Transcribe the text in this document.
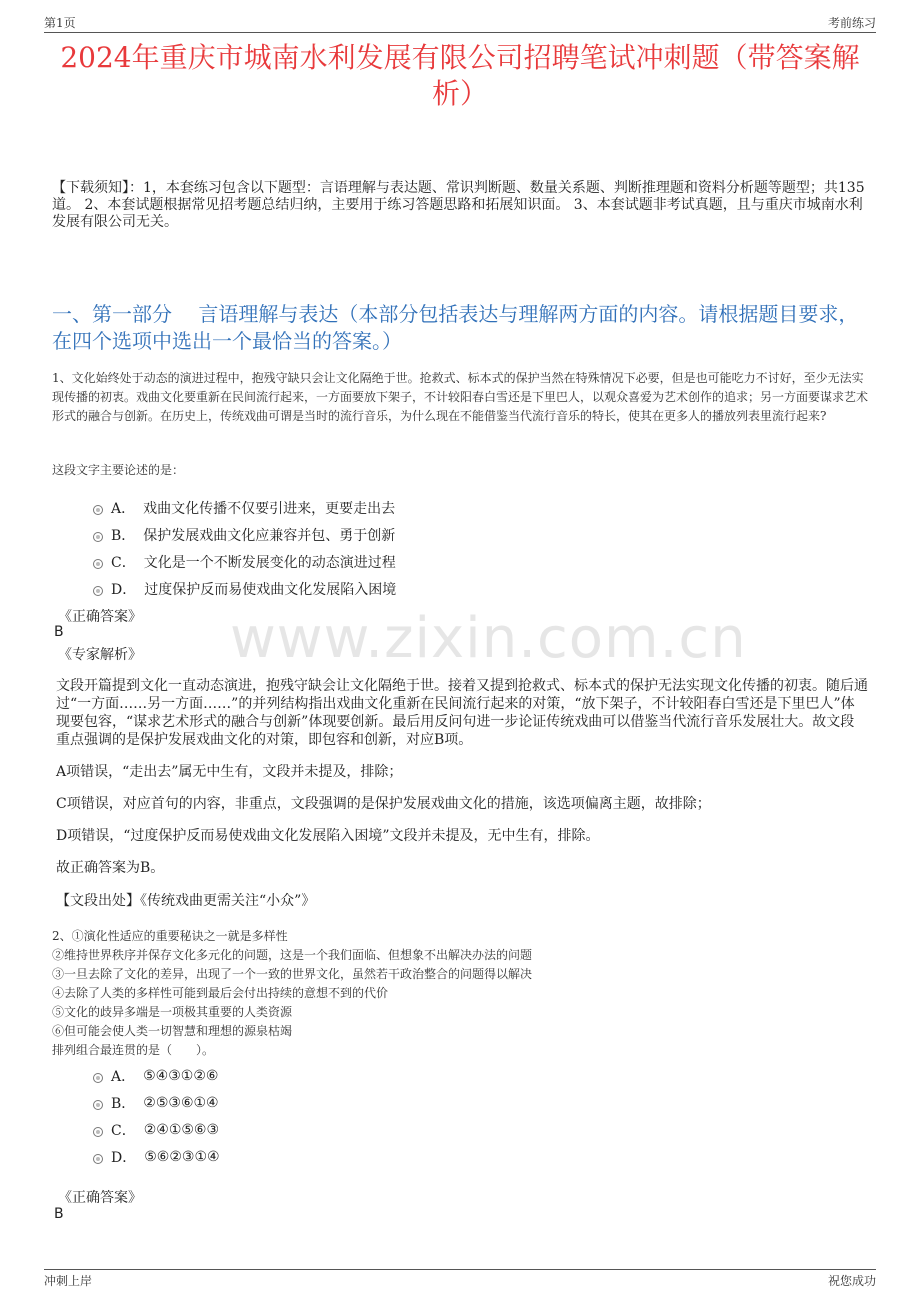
第1页	考前练习
2024年重庆市城南水利发展有限公司招聘笔试冲刺题（带答案解析）
【下载须知】：1，本套练习包含以下题型：言语理解与表达题、常识判断题、数量关系题、判断推理题和资料分析题等题型；共135道。 2、本套试题根据常见招考题总结归纳，主要用于练习答题思路和拓展知识面。 3、本套试题非考试真题，且与重庆市城南水利发展有限公司无关。
一、第一部分　 言语理解与表达（本部分包括表达与理解两方面的内容。请根据题目要求，在四个选项中选出一个最恰当的答案。）
1、文化始终处于动态的演进过程中，抱残守缺只会让文化隔绝于世。抢救式、标本式的保护当然在特殊情况下必要，但是也可能吃力不讨好，至少无法实现传播的初衷。戏曲文化要重新在民间流行起来，一方面要放下架子，不计较阳春白雪还是下里巴人，以观众喜爱为艺术创作的追求；另一方面要谋求艺术形式的融合与创新。在历史上，传统戏曲可谓是当时的流行音乐，为什么现在不能借鉴当代流行音乐的特长，使其在更多人的播放列表里流行起来?
这段文字主要论述的是：
A． 戏曲文化传播不仅要引进来，更要走出去
B． 保护发展戏曲文化应兼容并包、勇于创新
C． 文化是一个不断发展变化的动态演进过程
D． 过度保护反而易使戏曲文化发展陷入困境
www.zixin.com.cn
《正确答案》
B
《专家解析》
文段开篇提到文化一直动态演进，抱残守缺会让文化隔绝于世。接着又提到抢救式、标本式的保护无法实现文化传播的初衷。随后通过“一方面……另一方面……”的并列结构指出戏曲文化重新在民间流行起来的对策，“放下架子，不计较阳春白雪还是下里巴人”体现要包容，“谋求艺术形式的融合与创新”体现要创新。最后用反问句进一步论证传统戏曲可以借鉴当代流行音乐发展壮大。故文段重点强调的是保护发展戏曲文化的对策，即包容和创新，对应B项。
A项错误，“走出去”属无中生有，文段并未提及，排除；
C项错误，对应首句的内容，非重点，文段强调的是保护发展戏曲文化的措施，该选项偏离主题，故排除；
D项错误，“过度保护反而易使戏曲文化发展陷入困境”文段并未提及，无中生有，排除。
故正确答案为B。
【文段出处】《传统戏曲更需关注“小众”》
2、①演化性适应的重要秘诀之一就是多样性
②维持世界秩序并保存文化多元化的问题，这是一个我们面临、但想象不出解决办法的问题
③一旦去除了文化的差异，出现了一个一致的世界文化，虽然若干政治整合的问题得以解决
④去除了人类的多样性可能到最后会付出持续的意想不到的代价
⑤文化的歧异多端是一项极其重要的人类资源
⑥但可能会使人类一切智慧和理想的源泉枯竭
排列组合最连贯的是（　　）。
A． ⑤④③①②⑥
B． ②⑤③⑥①④
C． ②④①⑤⑥③
D． ⑤⑥②③①④
《正确答案》
B
冲刺上岸	祝您成功
